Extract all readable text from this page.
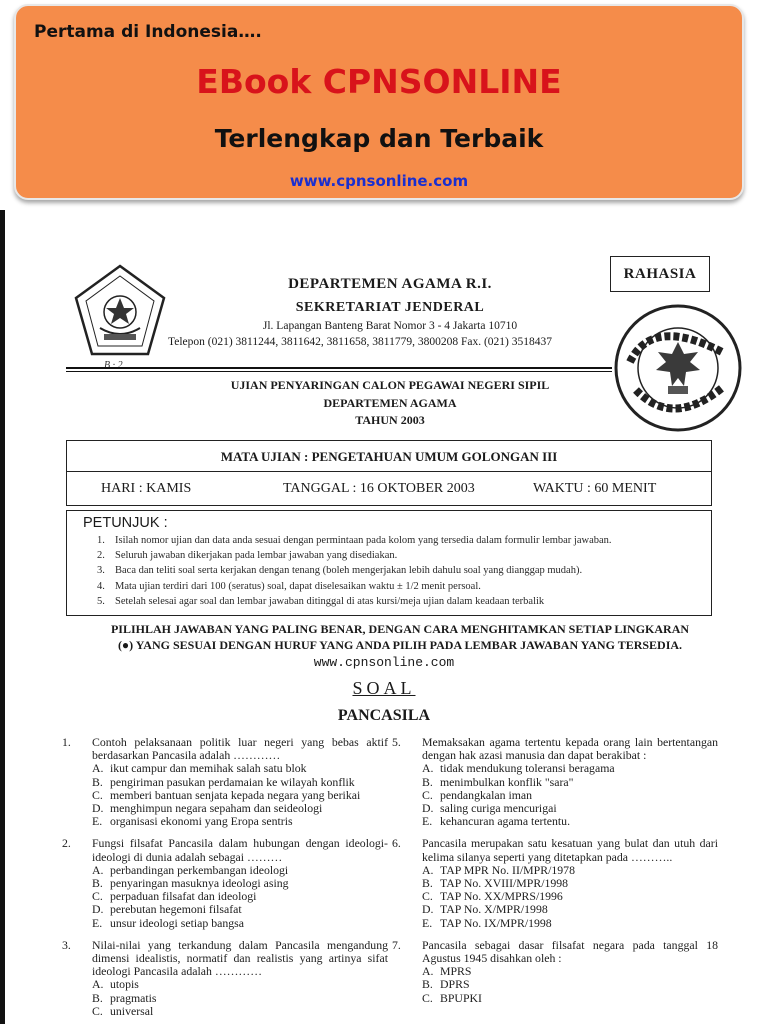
Pertama di Indonesia….
EBook CPNSONLINE
Terlengkap dan Terbaik
www.cpnsonline.com
B · 2
DEPARTEMEN AGAMA R.I.
SEKRETARIAT JENDERAL
Jl. Lapangan Banteng Barat Nomor 3 - 4 Jakarta 10710
Telepon (021) 3811244, 3811642, 3811658, 3811779, 3800208 Fax. (021) 3518437
RAHASIA
UJIAN PENYARINGAN CALON PEGAWAI NEGERI SIPIL
DEPARTEMEN AGAMA
TAHUN 2003
MATA UJIAN : PENGETAHUAN UMUM GOLONGAN III
HARI : KAMIS	TANGGAL : 16 OKTOBER 2003	WAKTU : 60 MENIT
PETUNJUK :
1. Isilah nomor ujian dan data anda sesuai dengan permintaan pada kolom yang tersedia dalam formulir lembar jawaban.
2. Seluruh jawaban dikerjakan pada lembar jawaban yang disediakan.
3. Baca dan teliti soal serta kerjakan dengan tenang (boleh mengerjakan lebih dahulu soal yang dianggap mudah).
4. Mata ujian terdiri dari 100 (seratus) soal, dapat diselesaikan waktu ± 1/2 menit persoal.
5. Setelah selesai agar soal dan lembar jawaban ditinggal di atas kursi/meja ujian dalam keadaan terbalik
PILIHLAH JAWABAN YANG PALING BENAR, DENGAN CARA MENGHITAMKAN SETIAP LINGKARAN
(●) YANG SESUAI DENGAN HURUF YANG ANDA PILIH PADA LEMBAR JAWABAN YANG TERSEDIA.
www.cpnsonline.com
SOAL
PANCASILA
1. Contoh pelaksanaan politik luar negeri yang bebas aktif berdasarkan Pancasila adalah …………
A. ikut campur dan memihak salah satu blok
B. pengiriman pasukan perdamaian ke wilayah konflik
C. memberi bantuan senjata kepada negara yang berikai
D. menghimpun negara sepaham dan seideologi
E. organisasi ekonomi yang Eropa sentris
2. Fungsi filsafat Pancasila dalam hubungan dengan ideologi-ideologi di dunia adalah sebagai ………
A. perbandingan perkembangan ideologi
B. penyaringan masuknya ideologi asing
C. perpaduan filsafat dan ideologi
D. perebutan hegemoni filsafat
E. unsur ideologi setiap bangsa
3. Nilai-nilai yang terkandung dalam Pancasila mengandung dimensi idealistis, normatif dan realistis yang artinya sifat ideologi Pancasila adalah …………
A. utopis
B. pragmatis
C. universal
5. Memaksakan agama tertentu kepada orang lain bertentangan dengan hak azasi manusia dan dapat berakibat :
A. tidak mendukung toleransi beragama
B. menimbulkan konflik "sara"
C. pendangkalan iman
D. saling curiga mencurigai
E. kehancuran agama tertentu.
6. Pancasila merupakan satu kesatuan yang bulat dan utuh dari kelima silanya seperti yang ditetapkan pada ………..
A. TAP MPR No. II/MPR/1978
B. TAP No. XVIII/MPR/1998
C. TAP No. XX/MPRS/1996
D. TAP No. X/MPR/1998
E. TAP No. IX/MPR/1998
7. Pancasila sebagai dasar filsafat negara pada tanggal 18 Agustus 1945 disahkan oleh :
A. MPRS
B. DPRS
C. BPUPKI
